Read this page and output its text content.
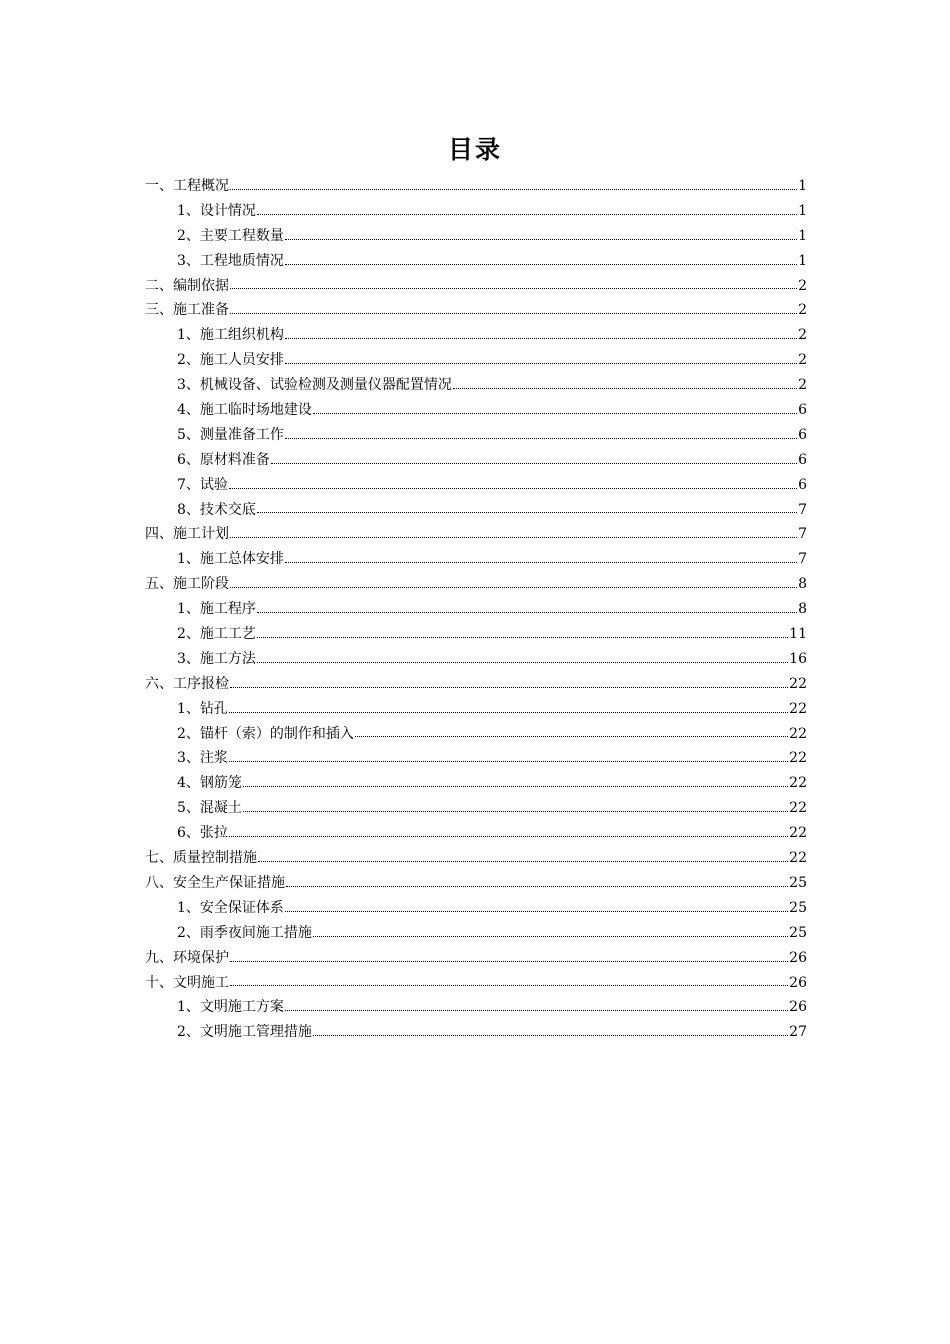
目录
一、工程概况	1
1、设计情况	1
2、主要工程数量	1
3、工程地质情况	1
二、编制依据	2
三、施工准备	2
1、施工组织机构	2
2、施工人员安排	2
3、机械设备、试验检测及测量仪器配置情况	2
4、施工临时场地建设	6
5、测量准备工作	6
6、原材料准备	6
7、试验	6
8、技术交底	7
四、施工计划	7
1、施工总体安排	7
五、施工阶段	8
1、施工程序	8
2、施工工艺	11
3、施工方法	16
六、工序报检	22
1、钻孔	22
2、锚杆（索）的制作和插入	22
3、注浆	22
4、钢筋笼	22
5、混凝土	22
6、张拉	22
七、质量控制措施	22
八、安全生产保证措施	25
1、安全保证体系	25
2、雨季夜间施工措施	25
九、环境保护	26
十、文明施工	26
1、文明施工方案	26
2、文明施工管理措施	27
